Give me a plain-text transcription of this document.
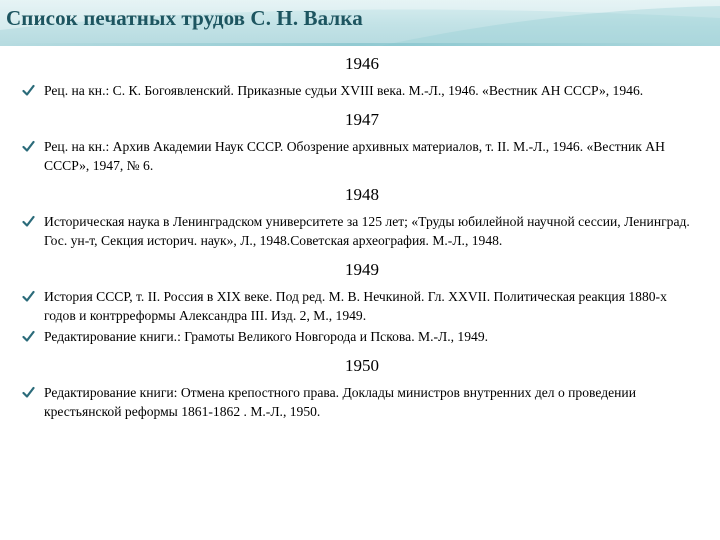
Список печатных трудов С. Н. Валка
1946
Рец. на кн.: С. К. Богоявленский. Приказные судьи XVIII века. М.-Л., 1946. «Вестник АН СССР», 1946.
1947
Рец. на кн.: Архив Академии Наук СССР. Обозрение архивных материалов, т. II. М.-Л., 1946. «Вестник АН СССР», 1947, № 6.
1948
Историческая наука в Ленинградском университете за 125 лет; «Труды юбилейной научной сессии, Ленинград. Гос. ун-т, Секция историч. наук», Л., 1948.Советская археография. М.-Л., 1948.
1949
История СССР, т. II. Россия в XIX веке. Под ред. М. В. Нечкиной. Гл. XXVII. Политическая реакция 1880-х годов и контрреформы Александра III. Изд. 2, М., 1949.
Редактирование книги.: Грамоты Великого Новгорода и Пскова. М.-Л., 1949.
1950
Редактирование книги: Отмена крепостного права. Доклады министров внутренних дел о проведении крестьянской реформы 1861-1862 . М.-Л., 1950.
